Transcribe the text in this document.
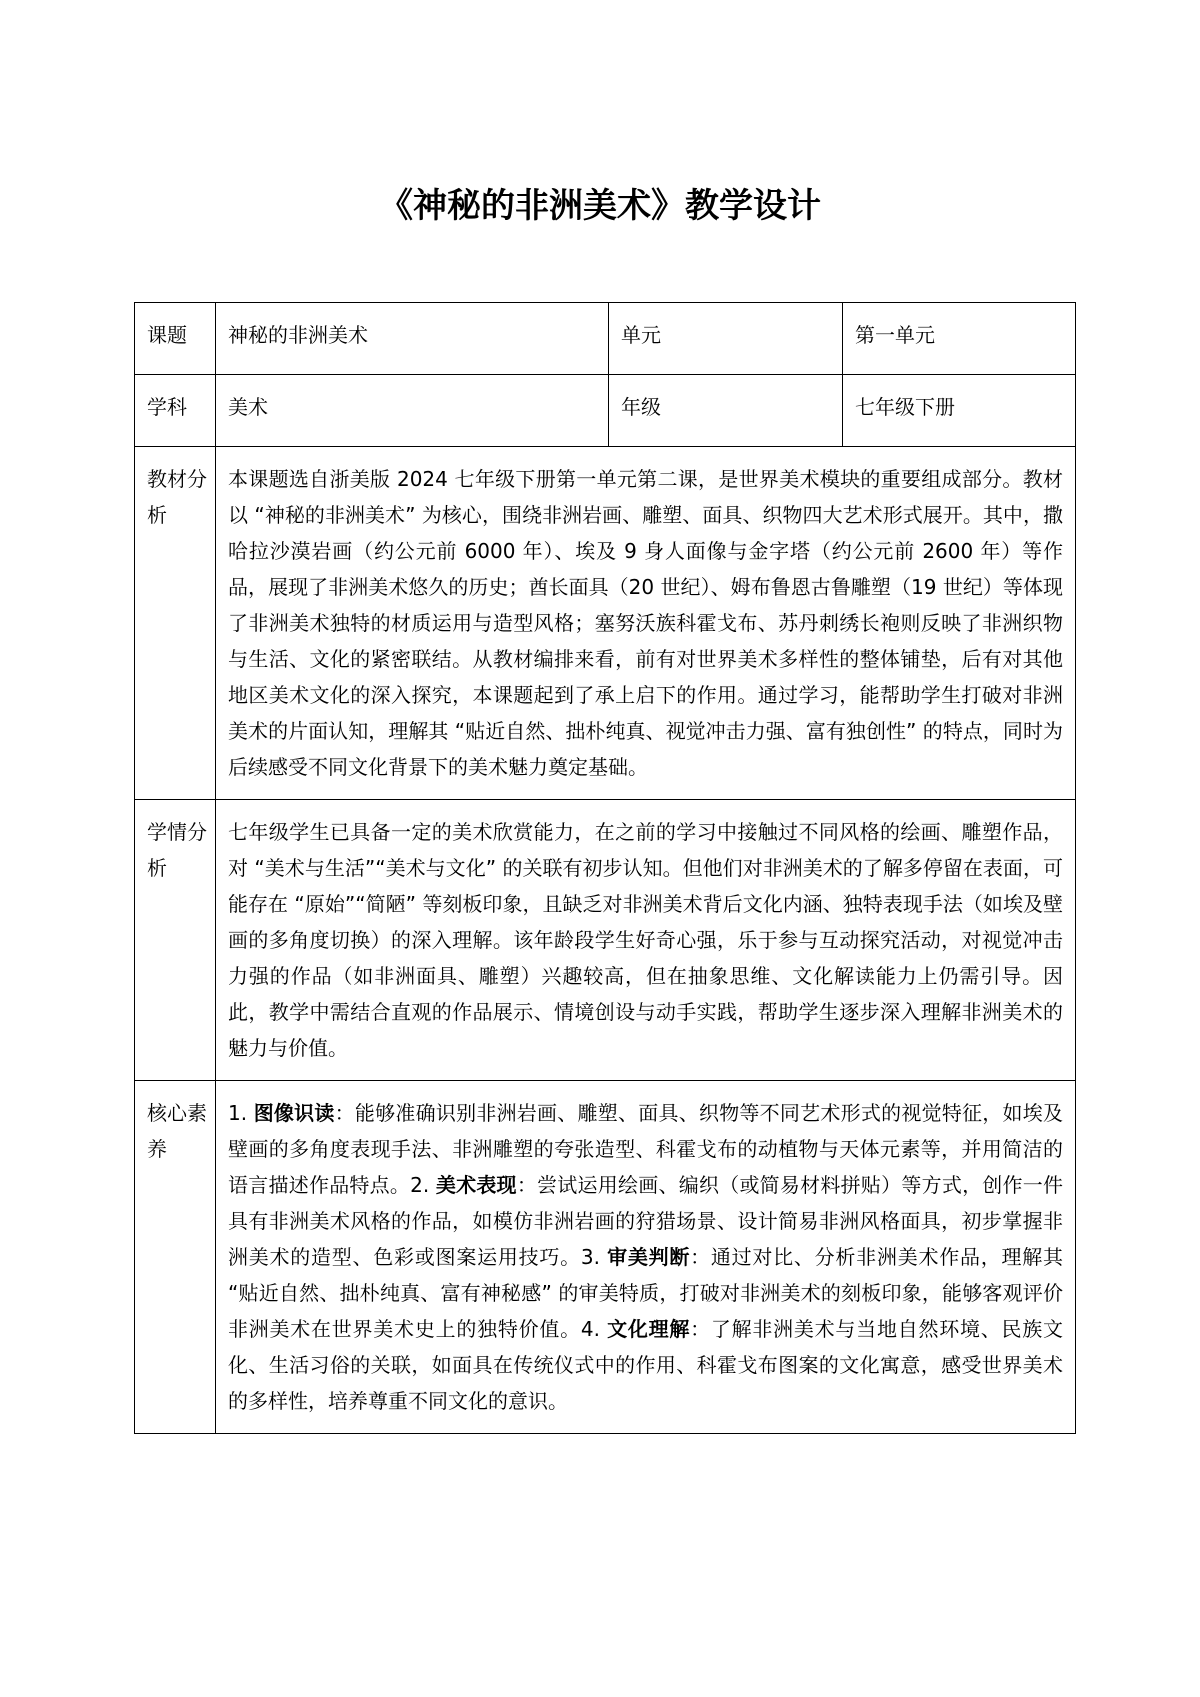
《神秘的非洲美术》教学设计
课题	神秘的非洲美术	单元	第一单元
学科	美术	年级	七年级下册
教材分析	本课题选自浙美版 2024 七年级下册第一单元第二课，是世界美术模块的重要组成部分。教材以 “神秘的非洲美术” 为核心，围绕非洲岩画、雕塑、面具、织物四大艺术形式展开。其中，撒哈拉沙漠岩画（约公元前 6000 年）、埃及 9 身人面像与金字塔（约公元前 2600 年）等作品，展现了非洲美术悠久的历史；酋长面具（20 世纪）、姆布鲁恩古鲁雕塑（19 世纪）等体现了非洲美术独特的材质运用与造型风格；塞努沃族科霍戈布、苏丹刺绣长袍则反映了非洲织物与生活、文化的紧密联结。从教材编排来看，前有对世界美术多样性的整体铺垫，后有对其他地区美术文化的深入探究，本课题起到了承上启下的作用。通过学习，能帮助学生打破对非洲美术的片面认知，理解其 “贴近自然、拙朴纯真、视觉冲击力强、富有独创性” 的特点，同时为后续感受不同文化背景下的美术魅力奠定基础。		
学情分析	七年级学生已具备一定的美术欣赏能力，在之前的学习中接触过不同风格的绘画、雕塑作品，对 “美术与生活”“美术与文化” 的关联有初步认知。但他们对非洲美术的了解多停留在表面，可能存在 “原始”“简陋” 等刻板印象，且缺乏对非洲美术背后文化内涵、独特表现手法（如埃及壁画的多角度切换）的深入理解。该年龄段学生好奇心强，乐于参与互动探究活动，对视觉冲击力强的作品（如非洲面具、雕塑）兴趣较高，但在抽象思维、文化解读能力上仍需引导。因此，教学中需结合直观的作品展示、情境创设与动手实践，帮助学生逐步深入理解非洲美术的魅力与价值。		
核心素养	1. 图像识读：能够准确识别非洲岩画、雕塑、面具、织物等不同艺术形式的视觉特征，如埃及壁画的多角度表现手法、非洲雕塑的夸张造型、科霍戈布的动植物与天体元素等，并用简洁的语言描述作品特点。2. 美术表现：尝试运用绘画、编织（或简易材料拼贴）等方式，创作一件具有非洲美术风格的作品，如模仿非洲岩画的狩猎场景、设计简易非洲风格面具，初步掌握非洲美术的造型、色彩或图案运用技巧。3. 审美判断：通过对比、分析非洲美术作品，理解其 “贴近自然、拙朴纯真、富有神秘感” 的审美特质，打破对非洲美术的刻板印象，能够客观评价非洲美术在世界美术史上的独特价值。4. 文化理解：了解非洲美术与当地自然环境、民族文化、生活习俗的关联，如面具在传统仪式中的作用、科霍戈布图案的文化寓意，感受世界美术的多样性，培养尊重不同文化的意识。		
